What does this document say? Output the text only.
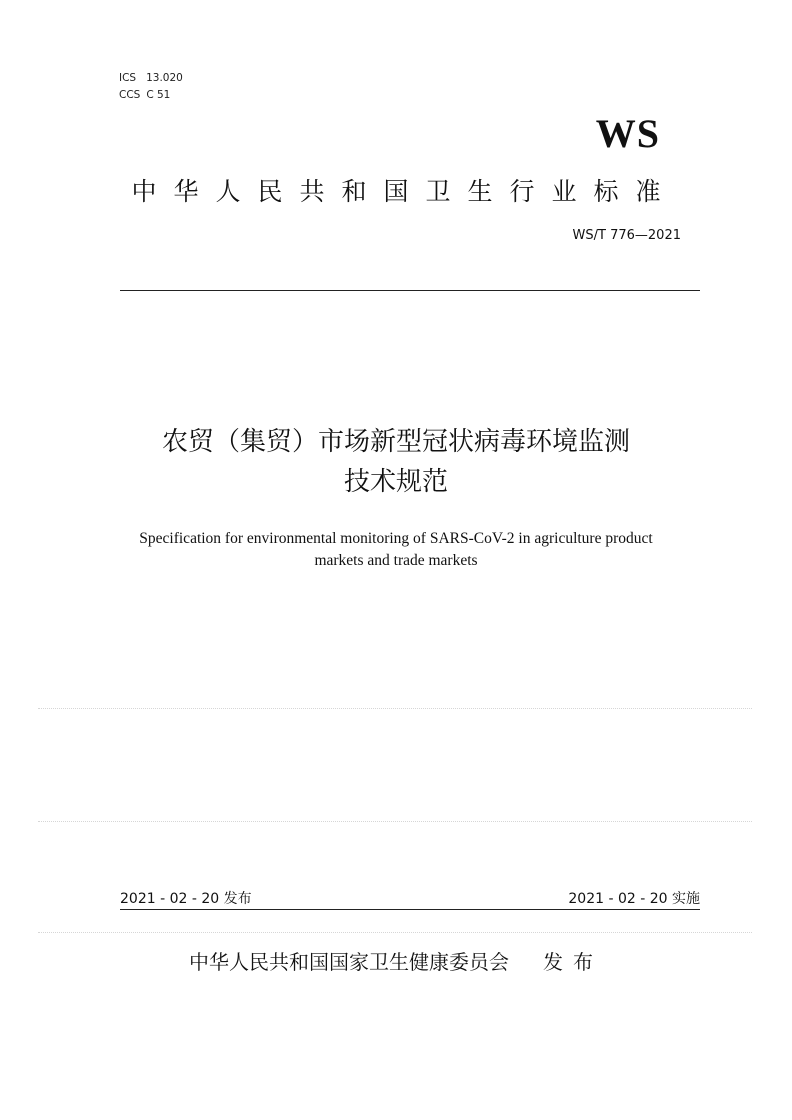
ICS 13.020
CCS C 51
WS
中华人民共和国卫生行业标准
WS/T 776—2021
农贸（集贸）市场新型冠状病毒环境监测
技术规范
Specification for environmental monitoring of SARS-CoV-2 in agriculture product
markets and trade markets
2021 - 02 - 20 发布	2021 - 02 - 20 实施
中华人民共和国国家卫生健康委员会 发布
